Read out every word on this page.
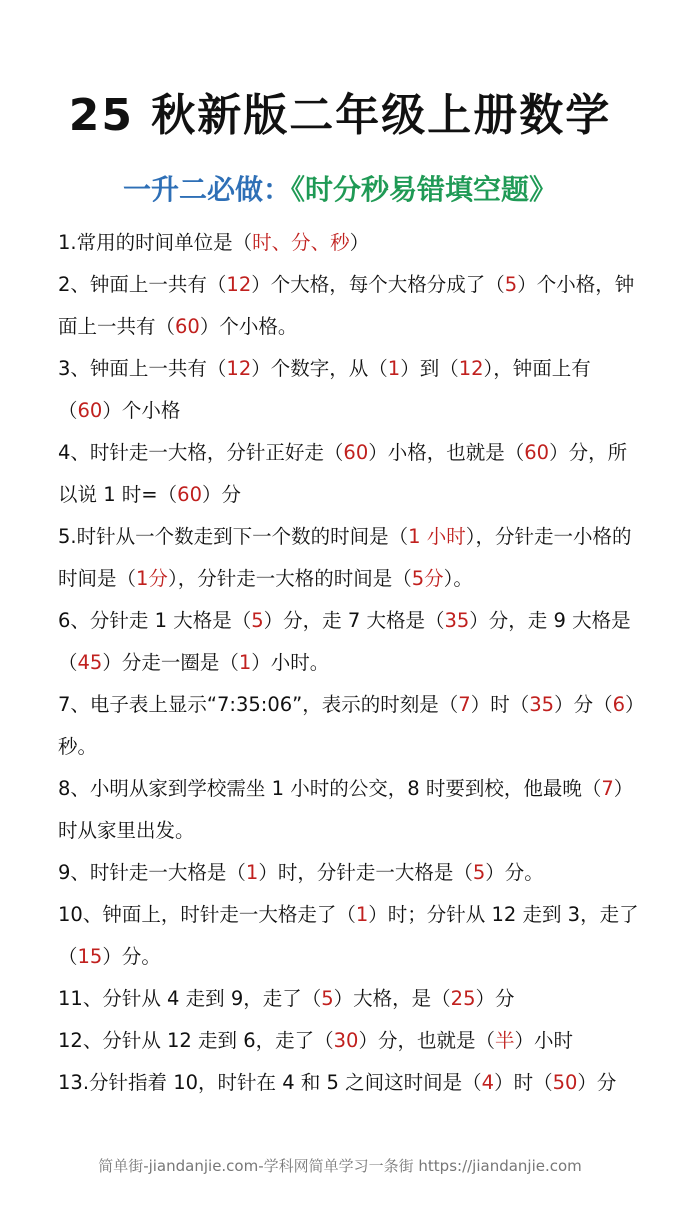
25 秋新版二年级上册数学
一升二必做：《时分秒易错填空题》

1.常用的时间单位是（时、分、秒）

2、钟面上一共有（12）个大格，每个大格分成了（5）个小格，钟面上一共有（60）个小格。

3、钟面上一共有（12）个数字，从（1）到（12），钟面上有（60）个小格

4、时针走一大格，分针正好走（60）小格，也就是（60）分，所以说 1 时=（60）分

5.时针从一个数走到下一个数的时间是（1 小时），分针走一小格的时间是（1分），分针走一大格的时间是（5分）。

6、分针走 1 大格是（5）分，走 7 大格是（35）分，走 9 大格是（45）分走一圈是（1）小时。

7、电子表上显示“7:35:06”，表示的时刻是（7）时（35）分（6）秒。

8、小明从家到学校需坐 1 小时的公交，8 时要到校，他最晚（7）时从家里出发。

9、时针走一大格是（1）时，分针走一大格是（5）分。

10、钟面上，时针走一大格走了（1）时；分针从 12 走到 3，走了（15）分。

11、分针从 4 走到 9，走了（5）大格，是（25）分

12、分针从 12 走到 6，走了（30）分，也就是（半）小时

13.分针指着 10，时针在 4 和 5 之间这时间是（4）时（50）分

简单街-jiandanjie.com-学科网简单学习一条街 https://jiandanjie.com
